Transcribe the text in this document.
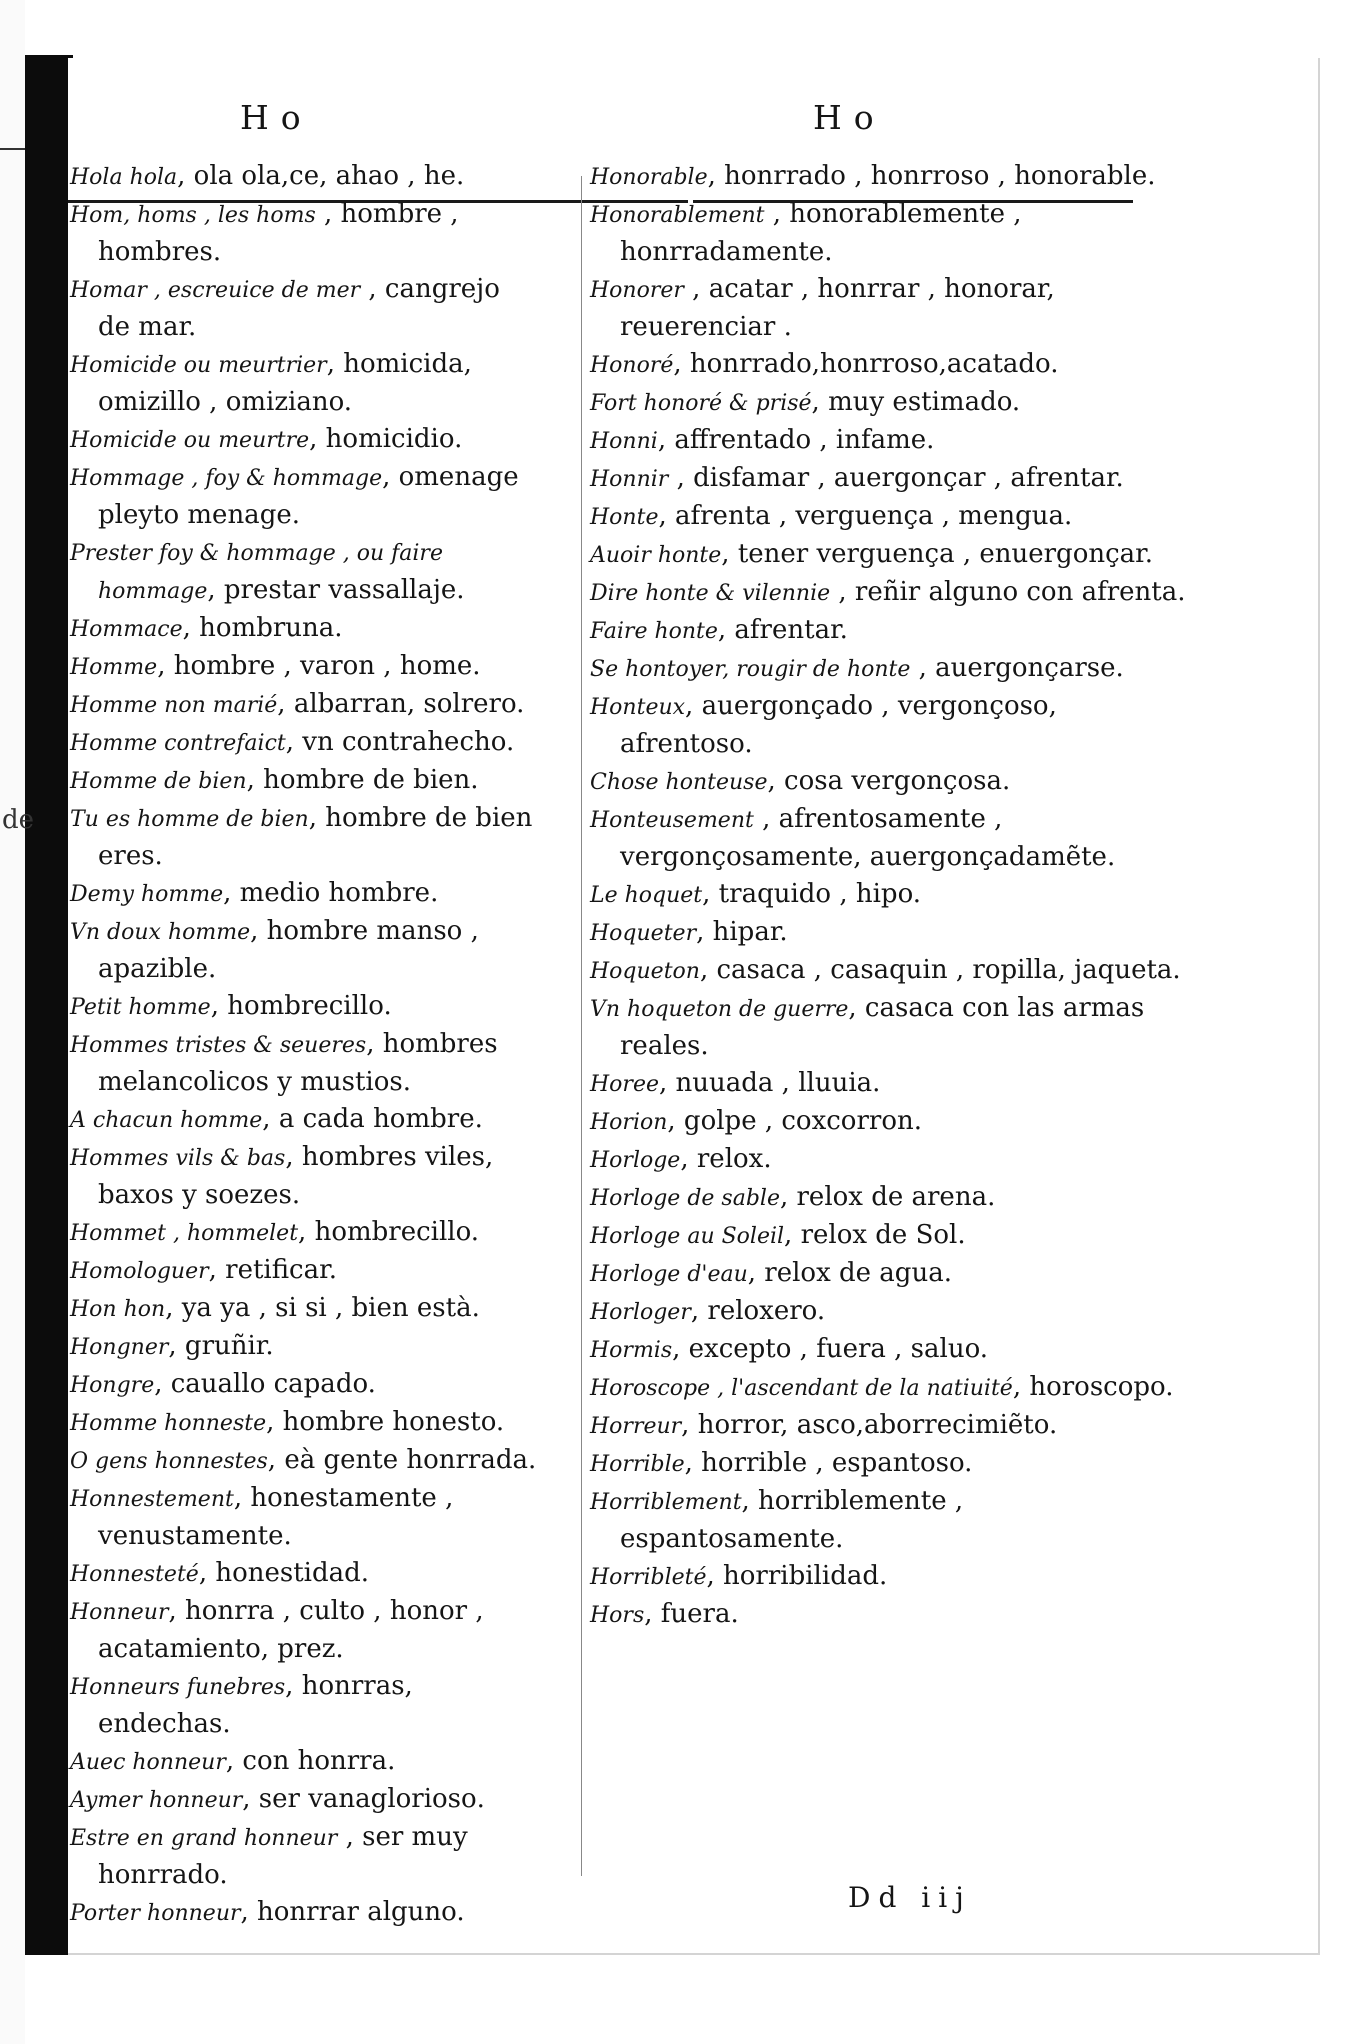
de
Ho	Ho

Hola hola, ola ola,ce, ahao , he.

Hom, homs , les homs , hombre , hombres.

Homar , escreuice de mer , cangrejo de mar.

Homicide ou meurtrier, homicida, omizillo , omiziano.

Homicide ou meurtre, homicidio.

Hommage , foy & hommage, omenage pleyto menage.

Prester foy & hommage , ou faire hommage, prestar vassallaje.

Hommace, hombruna.

Homme, hombre , varon , home.

Homme non marié, albarran, solrero.

Homme contrefaict, vn contrahecho.

Homme de bien, hombre de bien.

Tu es homme de bien, hombre de bien eres.

Demy homme, medio hombre.

Vn doux homme, hombre manso , apazible.

Petit homme, hombrecillo.

Hommes tristes & seueres, hombres melancolicos y mustios.

A chacun homme, a cada hombre.

Hommes vils & bas, hombres viles, baxos y soezes.

Hommet , hommelet, hombrecillo.

Homologuer, retificar.

Hon hon, ya ya , si si , bien està.

Hongner, gruñir.

Hongre, cauallo capado.

Homme honneste, hombre honesto.

O gens honnestes, eà gente honrrada.

Honnestement, honestamente , venustamente.

Honnesteté, honestidad.

Honneur, honrra , culto , honor , acatamiento, prez.

Honneurs funebres, honrras, endechas.

Auec honneur, con honrra.

Aymer honneur, ser vanagloriosо.

Estre en grand honneur , ser muy honrrado.

Porter honneur, honrrar alguno.

Honorable, honrrado , honrroso , honorable.

Honorablement , honorablemente , honrradamente.

Honorer , acatar , honrrar , honorar, reuerenciar .

Honoré, honrrado,honrroso,acatado.

Fort honoré & prisé, muy estimado.

Honni, affrentado , infame.

Honnir , disfamar , auergonçar , afrentar.

Honte, afrenta , verguença , mengua.

Auoir honte, tener verguença , enuergonçar.

Dire honte & vilennie , reñir alguno con afrenta.

Faire honte, afrentar.

Se hontoyer, rougir de honte , auergonçarse.

Honteux, auergonçado , vergonçoso, afrentoso.

Chose honteuse, cosa vergonçosa.

Honteusement , afrentosamente , vergonçosamente, auergonçadamẽte.

Le hoquet, traquido , hipo.

Hoqueter, hipar.

Hoqueton, casaca , casaquin , ropilla, jaqueta.

Vn hoqueton de guerre, casaca con las armas reales.

Horee, nuuada , lluuia.

Horion, golpe , coxcorron.

Horloge, relox.

Horloge de sable, relox de arena.

Horloge au Soleil, relox de Sol.

Horloge d'eau, relox de agua.

Horloger, reloxero.

Hormis, excepto , fuera , saluo.

Horoscope , l'ascendant de la natiuité, horoscopo.

Horreur, horror, asco,aborrecimiẽto.

Horrible, horrible , espantoso.

Horriblement, horriblemente , espantosamente.

Horribleté, horribilidad.

Hors, fuera.

Dd iij
